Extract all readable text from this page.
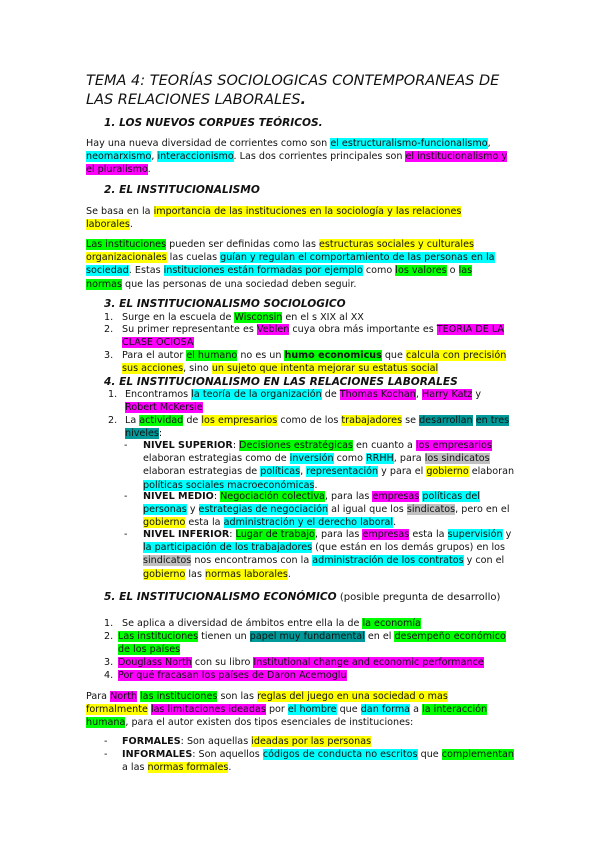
TEMA 4: TEORÍAS SOCIOLOGICAS CONTEMPORANEAS DE LAS RELACIONES LABORALES.
1. LOS NUEVOS CORPUES TEÓRICOS.

Hay una nueva diversidad de corrientes como son el estructuralismo-funcionalismo, neomarxismo, interaccionismo. Las dos corrientes principales son el institucionalismo y el pluralismo.

2. EL INSTITUCIONALISMO

Se basa en la importancia de las instituciones en la sociología y las relaciones laborales.

Las instituciones pueden ser definidas como las estructuras sociales y culturales organizacionales las cuelas guían y regulan el comportamiento de las personas en la sociedad. Estas instituciones están formadas por ejemplo como los valores o las normas que las personas de una sociedad deben seguir.

3. EL INSTITUCIONALISMO SOCIOLOGICO
1. Surge en la escuela de Wisconsin en el s XIX al XX

2. Su primer representante es Veblen cuya obra más importante es TEORIA DE LA CLASE OCIOSA

3. Para el autor el humano no es un humo economicus que calcula con precisión sus acciones, sino un sujeto que intenta mejorar su estatus social

4. EL INSTITUCIONALISMO EN LAS RELACIONES LABORALES
1. Encontramos la teoría de la organización de Thomas Kochan, Harry Katz y Robert McKersie

2. La actividad de los empresarios como de los trabajadores se desarrollan en tres niveles:

- NIVEL SUPERIOR: Decisiones estratégicas en cuanto a los empresarios elaboran estrategias como de inversión como RRHH, para los sindicatos elaboran estrategias de políticas, representación y para el gobierno elaboran políticas sociales macroeconómicas.

- NIVEL MEDIO: Negociación colectiva, para las empresas políticas del personas y estrategias de negociación al igual que los sindicatos, pero en el gobierno esta la administración y el derecho laboral.

- NIVEL INFERIOR: Lugar de trabajo, para las empresas esta la supervisión y la participación de los trabajadores (que están en los demás grupos) en los sindicatos nos encontramos con la administración de los contratos y con el gobierno las normas laborales.

5. EL INSTITUCIONALISMO ECONÓMICO (posible pregunta de desarrollo)
1. Se aplica a diversidad de ámbitos entre ella la de la economía

2. Las instituciones tienen un papel muy fundamental en el desempeño económico de los países

3. Douglass North con su libro Institutional change and economic performance

4. Por qué fracasan los países de Daron Acemoglu

Para North las instituciones son las reglas del juego en una sociedad o mas formalmente las limitaciones ideadas por el hombre que dan forma a la interacción humana, para el autor existen dos tipos esenciales de instituciones:

- FORMALES: Son aquellas ideadas por las personas

- INFORMALES: Son aquellos códigos de conducta no escritos que complementan a las normas formales.
